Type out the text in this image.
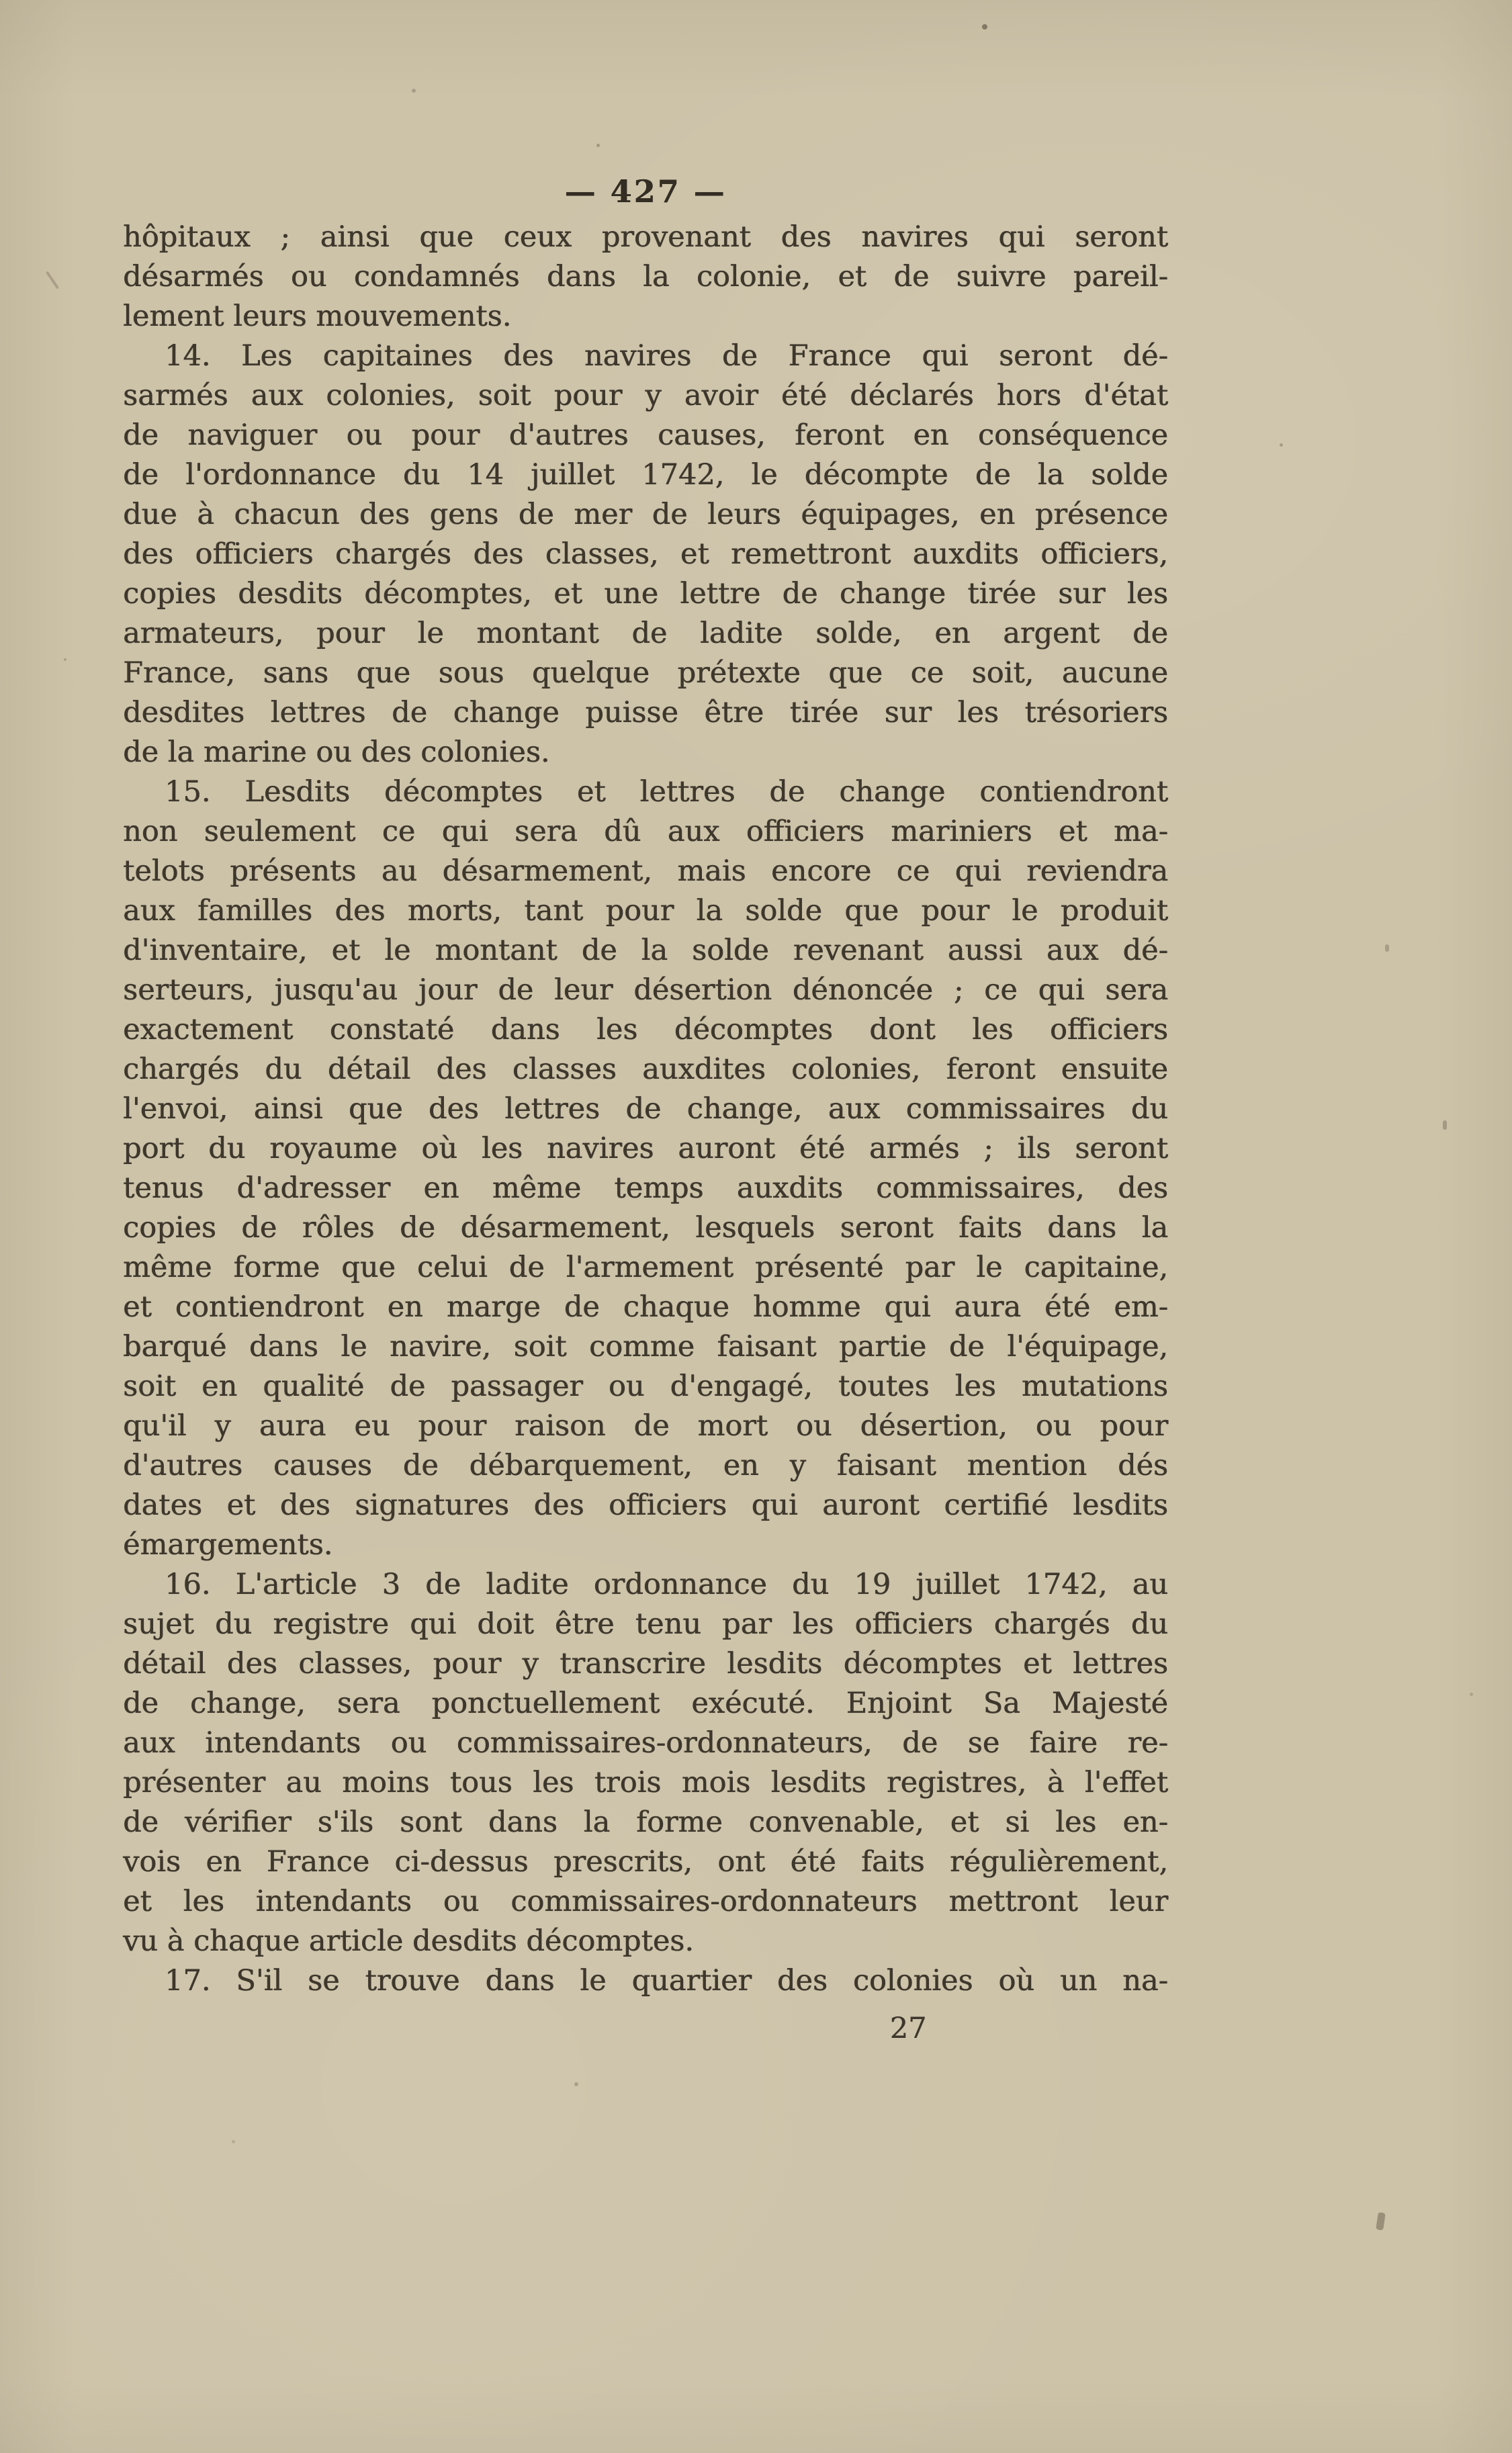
— 427 —
hôpitaux ; ainsi que ceux provenant des navires qui seront
désarmés ou condamnés dans la colonie, et de suivre pareil-
lement leurs mouvements.
14. Les capitaines des navires de France qui seront dé-
sarmés aux colonies, soit pour y avoir été déclarés hors d'état
de naviguer ou pour d'autres causes, feront en conséquence
de l'ordonnance du 14 juillet 1742, le décompte de la solde
due à chacun des gens de mer de leurs équipages, en présence
des officiers chargés des classes, et remettront auxdits officiers,
copies desdits décomptes, et une lettre de change tirée sur les
armateurs, pour le montant de ladite solde, en argent de
France, sans que sous quelque prétexte que ce soit, aucune
desdites lettres de change puisse être tirée sur les trésoriers
de la marine ou des colonies.
15. Lesdits décomptes et lettres de change contiendront
non seulement ce qui sera dû aux officiers mariniers et ma-
telots présents au désarmement, mais encore ce qui reviendra
aux familles des morts, tant pour la solde que pour le produit
d'inventaire, et le montant de la solde revenant aussi aux dé-
serteurs, jusqu'au jour de leur désertion dénoncée ; ce qui sera
exactement constaté dans les décomptes dont les officiers
chargés du détail des classes auxdites colonies, feront ensuite
l'envoi, ainsi que des lettres de change, aux commissaires du
port du royaume où les navires auront été armés ; ils seront
tenus d'adresser en même temps auxdits commissaires, des
copies de rôles de désarmement, lesquels seront faits dans la
même forme que celui de l'armement présenté par le capitaine,
et contiendront en marge de chaque homme qui aura été em-
barqué dans le navire, soit comme faisant partie de l'équipage,
soit en qualité de passager ou d'engagé, toutes les mutations
qu'il y aura eu pour raison de mort ou désertion, ou pour
d'autres causes de débarquement, en y faisant mention dés
dates et des signatures des officiers qui auront certifié lesdits
émargements.
16. L'article 3 de ladite ordonnance du 19 juillet 1742, au
sujet du registre qui doit être tenu par les officiers chargés du
détail des classes, pour y transcrire lesdits décomptes et lettres
de change, sera ponctuellement exécuté. Enjoint Sa Majesté
aux intendants ou commissaires-ordonnateurs, de se faire re-
présenter au moins tous les trois mois lesdits registres, à l'effet
de vérifier s'ils sont dans la forme convenable, et si les en-
vois en France ci-dessus prescrits, ont été faits régulièrement,
et les intendants ou commissaires-ordonnateurs mettront leur
vu à chaque article desdits décomptes.
17. S'il se trouve dans le quartier des colonies où un na-
27
